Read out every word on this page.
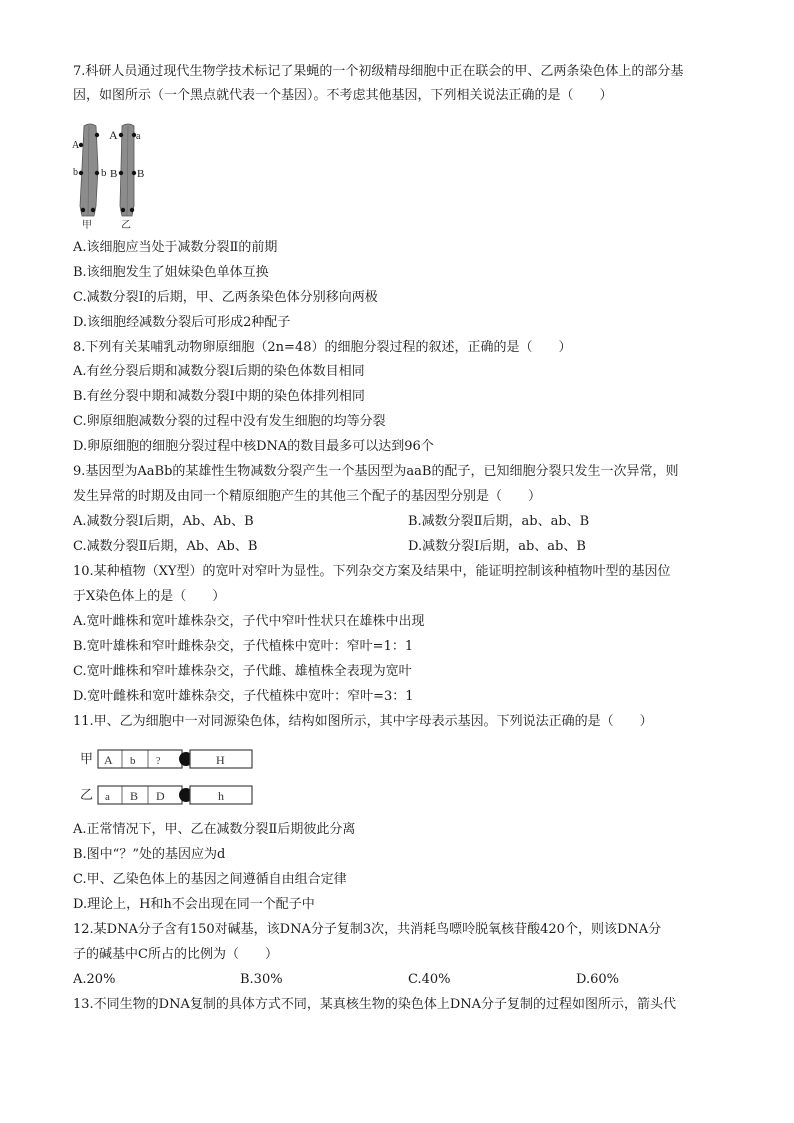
7.科研人员通过现代生物学技术标记了果蝇的一个初级精母细胞中正在联会的甲、乙两条染色体上的部分基
因，如图所示（一个黑点就代表一个基因）。不考虑其他基因，下列相关说法正确的是（　　）
A
b
A a
b B B
甲	乙
A.该细胞应当处于减数分裂Ⅱ的前期
B.该细胞发生了姐妹染色单体互换
C.减数分裂Ⅰ的后期，甲、乙两条染色体分别移向两极
D.该细胞经减数分裂后可形成2种配子
8.下列有关某哺乳动物卵原细胞（2n=48）的细胞分裂过程的叙述，正确的是（　　）
A.有丝分裂后期和减数分裂Ⅰ后期的染色体数目相同
B.有丝分裂中期和减数分裂Ⅰ中期的染色体排列相同
C.卵原细胞减数分裂的过程中没有发生细胞的均等分裂
D.卵原细胞的细胞分裂过程中核DNA的数目最多可以达到96个
9.基因型为AaBb的某雄性生物减数分裂产生一个基因型为aaB的配子，已知细胞分裂只发生一次异常，则
发生异常的时期及由同一个精原细胞产生的其他三个配子的基因型分别是（　　）
A.减数分裂Ⅰ后期，Ab、Ab、B	B.减数分裂Ⅱ后期，ab、ab、B
C.减数分裂Ⅱ后期，Ab、Ab、B	D.减数分裂Ⅰ后期，ab、ab、B
10.某种植物（XY型）的宽叶对窄叶为显性。下列杂交方案及结果中，能证明控制该种植物叶型的基因位
于X染色体上的是（　　）
A.宽叶雌株和宽叶雄株杂交，子代中窄叶性状只在雄株中出现
B.宽叶雄株和窄叶雌株杂交，子代植株中宽叶：窄叶=1：1
C.宽叶雌株和窄叶雄株杂交，子代雌、雄植株全表现为宽叶
D.宽叶雌株和宽叶雄株杂交，子代植株中宽叶：窄叶=3：1
11.甲、乙为细胞中一对同源染色体，结构如图所示，其中字母表示基因。下列说法正确的是（　　）
甲 A b ?	H
乙 a B D	h
A.正常情况下，甲、乙在减数分裂Ⅱ后期彼此分离
B.图中“？”处的基因应为d
C.甲、乙染色体上的基因之间遵循自由组合定律
D.理论上，H和h不会出现在同一个配子中
12.某DNA分子含有150对碱基，该DNA分子复制3次，共消耗鸟嘌呤脱氧核苷酸420个，则该DNA分
子的碱基中C所占的比例为（　　）
A.20%	B.30%	C.40%	D.60%
13.不同生物的DNA复制的具体方式不同，某真核生物的染色体上DNA分子复制的过程如图所示，箭头代
